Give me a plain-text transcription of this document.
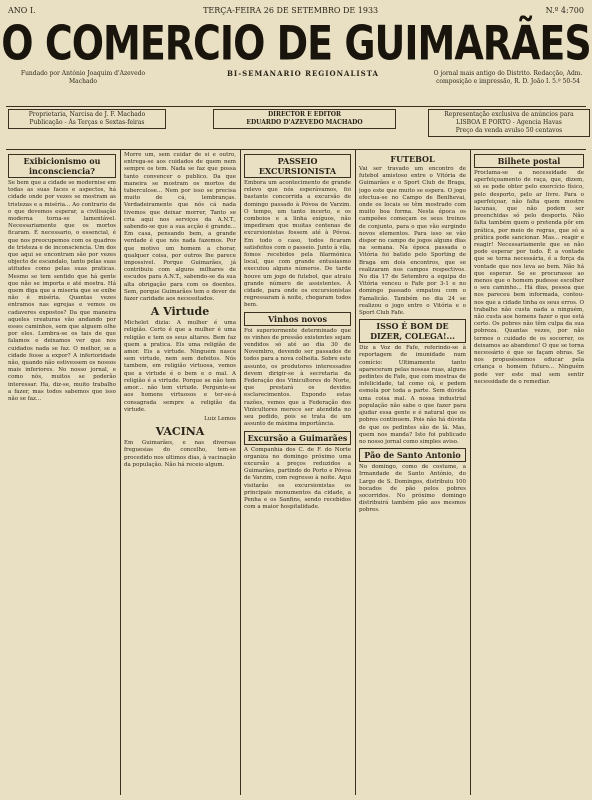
ANO I.	TERÇA-FEIRA 26 DE SETEMBRO DE 1933	N.º 4:700
O COMERCIO DE GUIMARÃES
Fundado por António Joaquim d'Azevedo Machado
BI-SEMANARIO REGIONALISTA	O jornal mais antigo do Distrito. Redacção, Adm. composição e impressão, R. D. João I. 5.º 50-54
Proprietaria, Narcisa de J. F. Machado
Publicação - Ás Terças e Sextas-feiras
DIRECTOR E EDITOR
EDUARDO D'AZEVEDO MACHADO
Representação exclusiva de anúncios para LISBOA E PORTO - Agencia Havas
Preço da venda avulso 50 centavos
Exibicionismo ou inconsciencia?

Se bem que a cidade se modernise em todas as suas faces e aspectos, há cidade onde por vezes se mostram as tristezas e a miséria... Ao contrario de o que devemos esperar, a civilisação moderna torna-se lamentável. Necessariamente que os mortos ficaram. É necessario, o essencial, é que nos preocupemos com os quadros de tristeza e de inconsciencia. Um dos que aqui se encontram são por vezes objecto de escandalo, tanto pelas suas atitudes como pelas suas praticas. Mesmo se tem sentido que há gente que não se importa e até mostra. Há quem diga que a miseria que se exibe não é miséria. Quantas vezes entramos nas egrejas e vemos os cadaveres expostos? Da que maneira aqueles creaturas vão andando por esses caminhos, sem que alguem olhe por eles. Lembra-se os tais de que falamos e deixamos ver que nos cuidados nada se faz. O melhor, se a cidade fosse a expor? A inferioridade não, quando não estivessem os nossos mais inferiores. No nosso jornal, e como nós, muitos se poderão interessar. Ha, diz-se, muito trabalho a fazer, mas todos sabemos que isso não se faz...

Morre um, sem cuidar de si e outro, entrega-se aos cuidados de quem nem sempre os tem. Nada se faz que possa tanto convencer o publico. Da que maneira se mostram os mortos de tuberculose... Nem por isso se precisa muito de cá, lembranças. Verdadeiramente que nós cá nada tivemos que deixar morrer, Tanto se cria aqui nos serviços da A.N.T., sabendo-se que a sua acção é grande... Em casa, pensando bem, a grande verdade é que nós nada fazemos. Por que motivo um homem a chorar, qualquer coisa, por outros lhe parece impossivel. Porque Guimarães, já contribuiu com alguns milhares de escudos para A.N.T., sabendo-se da sua alta obrigação para com os doentes. Sem, porque Guimarães tem o dever de fazer caridade aos necessitados.

A Virtude

Michelet dizia: A mulher é uma religião. Certo é que a mulher é uma religião e tem os seus altares. Bem faz quem a pratica. Eis uma religião de amor. Eis a virtude. Ninguem nasce sem virtude, nem sem defeitos. Nós tambem, em religião virtuosa, vemos que a virtude é o bem e o mal. A religião é a virtude. Porque se não tem amor... não tem virtude. Pergunte-se aos homens virtuosos e ter-se-á consagrada sempre a religião da virtude.

Luiz Lemos
VACINA

Em Guimarães, e nas diversas freguesias do concelho, tem-se procedido nos ultimos dias, à vacinação da população. Não há receio algum.

PASSEIO EXCURSIONISTA

Embora um acontecimento de grande relevo que nós esperávamos, foi bastante concorrida a excursão de domingo passado à Póvoa de Varzim. O tempo, um tanto incerto, e os comboios e a linha exíguos, não impediram que muitas centenas de excursionistas fossem até à Póvoa. Em todo o caso, todos ficaram satisfeitos com o passeio. Junto à vila, fomos recebidos pela filarmónica local, que com grande entusiasmo executou alguns números. De tarde houve um jogo de futebol, que atraiu grande número de assistentes. À cidade, para onde os excursionistas regressaram à noite, chegaram todos bem.

Vinhos novos

Foi superiormente determinado que os vinhos de pressão existentes sejam vendidos só até ao dia 30 de Novembro, devendo ser passados de todos para a nova colheita. Sobre este assunto, os produtores interessados devem dirigir-se à secretaria da Federação dos Vinicultores do Norte, que prestará os devidos esclarecimentos. Expondo estas razões, vemos que a Federação dos Vinicultores merece ser atendida no seu pedido, pois se trata de um assunto de máxima importância.

Excursão a Guimarães

A Companhia dos C. de F. do Norte organiza no domingo próximo uma excursão a preços reduzidos a Guimarães, partindo do Porto e Póvoa de Varzim, com regresso à noite. Aqui visitarão os excursionistas os principais monumentos da cidade, a Penha e os Sanfins, sendo recebidos com a maior hospitalidade.

FUTEBOL

Vai ser travado um encontro de futebol amistoso entre o Vitória de Guimarães e o Sport Club de Braga, jogo este que muito se espera. O jogo efectua-se no Campo de Benlhevai, onde os locais se têm mostrado com muito boa forma. Nesta época os campeões começam os seus treinos de conjunto, para o que vão surgindo novos elementos. Para isso se vão dispor no campo de jogos alguns dias na semana. Na época passada o Vitória foi batido pelo Sporting de Braga em dois encontros, que se realizaram nos campos respectivos. No dia 17 de Setembro a equipa do Vitória venceu o Fafe por 3-1 e no domingo passado empatou com o Famalicão. Também no dia 24 se realizou o jogo entre o Vitória e o Sport Club Fafe.

ISSO É BOM DE DIZER, COLEGA!...

Diz a Voz de Fafe, referindo-se à reportagem de imunidade num comício: Ultimamente tanto apareceram pelas nossas ruas, alguns pedintes de Fafe, que com mostras de infelicidade, tal como cá, e pedem esmola por toda a parte. Sem dúvida uma coisa mal. A nossa industrial população não sabe o que fazer para ajudar essa gente e é natural que os pobres continuem. Pois não há dúvida de que os pedintes são de lá. Mas, quem nos manda? Isto foi publicado no nosso jornal como simples aviso.

Pão de Santo Antonio

No domingo, como de costume, a Irmandade de Santo António, do Largo de S. Domingos, distribuiu 100 bocados de pão pelos pobres socorridos. No próximo domingo distribuirá também pão aos mesmos pobres.

Bilhete postal

Proclama-se a necessidade de aperfeiçoamento de raça, que, dizem, só se pode obter pelo exercício físico, pelo desporto, pelo ar livre. Para o aperfeiçoar, não falta quem mostre lacunas, que não podem ser preenchidas só pelo desporto. Não falta também quem o pretenda pôr em prática, por meio de regras, que só a prática pode sancionar. Mas... reagir e reagir! Necessariamente que se não pode esperar por tudo. É a vontade que se torna necessária, é a força da vontade que nos leva ao bem. Não há que esperar. Se se procurasse ao menos que o homem pudesse escolher o seu caminho... Há dias, pessoa que nos pareceu bem informada, contou-nos que a cidade tinha os seus erros. O trabalho não custa nada a ninguém, não custa aos homens fazer o que está certo. Os pobres não têm culpa da sua pobreza. Quantas vezes, por não termos o cuidado de os socorrer, os deixamos ao abandono! O que se torna necessário é que se façam obras. Se nos propuséssemos educar pela criança o homem futuro... Ninguém pode ver este mal sem sentir necessidade de o remediar.
